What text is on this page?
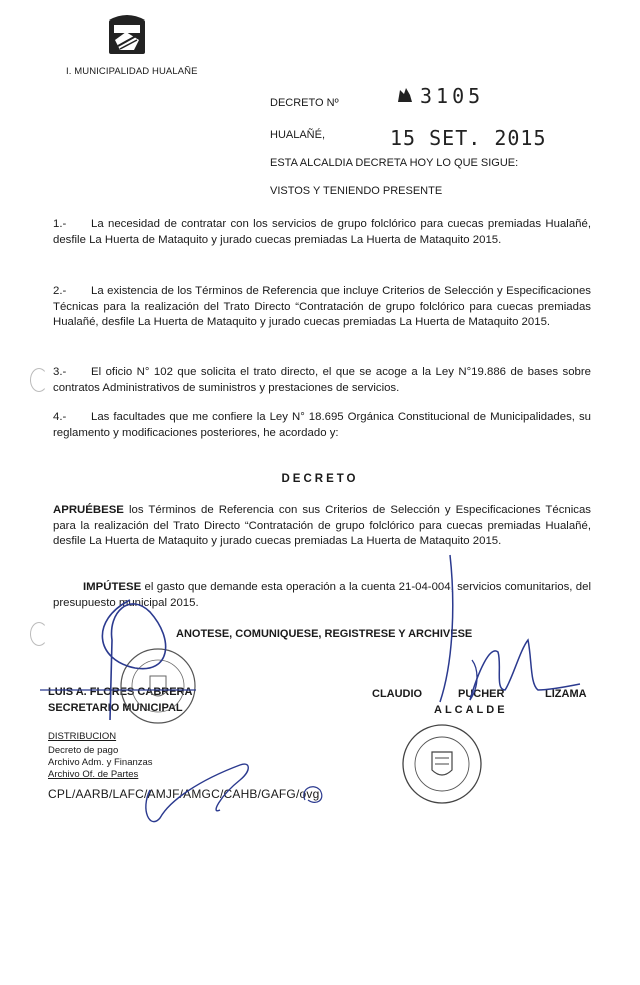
I. MUNICIPALIDAD HUALAÑE
DECRETO Nº	3105
HUALAÑÉ,	15 SET. 2015
ESTA ALCALDIA DECRETA HOY LO QUE SIGUE:
VISTOS Y TENIENDO PRESENTE
1.- La necesidad de contratar con los servicios de grupo folclórico para cuecas premiadas Hualañé, desfile La Huerta de Mataquito y jurado cuecas premiadas La Huerta de Mataquito 2015.
2.- La existencia de los Términos de Referencia que incluye Criterios de Selección y Especificaciones Técnicas para la realización del Trato Directo “Contratación de grupo folclórico para cuecas premiadas Hualañé, desfile La Huerta de Mataquito y jurado cuecas premiadas La Huerta de Mataquito 2015.
3.- El oficio N° 102 que solicita el trato directo, el que se acoge a la Ley N°19.886 de bases sobre contratos Administrativos de suministros y prestaciones de servicios.
4.- Las facultades que me confiere la Ley N° 18.695 Orgánica Constitucional de Municipalidades, su reglamento y modificaciones posteriores, he acordado y:
DECRETO
APRUÉBESE los Términos de Referencia con sus Criterios de Selección y Especificaciones Técnicas para la realización del Trato Directo “Contratación de grupo folclórico para cuecas premiadas Hualañé, desfile La Huerta de Mataquito y jurado cuecas premiadas La Huerta de Mataquito 2015.
IMPÚTESE el gasto que demande esta operación a la cuenta 21-04-004, servicios comunitarios, del presupuesto municipal 2015.
ANOTESE, COMUNIQUESE, REGISTRESE Y ARCHIVESE
LUIS A. FLORES CABRERA
SECRETARIO MUNICIPAL
CLAUDIO	PUCHER	LIZAMA
ALCALDE
DISTRIBUCION
Decreto de pago
Archivo Adm. y Finanzas
Archivo Of. de Partes
CPL/AARB/LAFC/AMJF/AMGC/CAHB/GAFG/ovg
